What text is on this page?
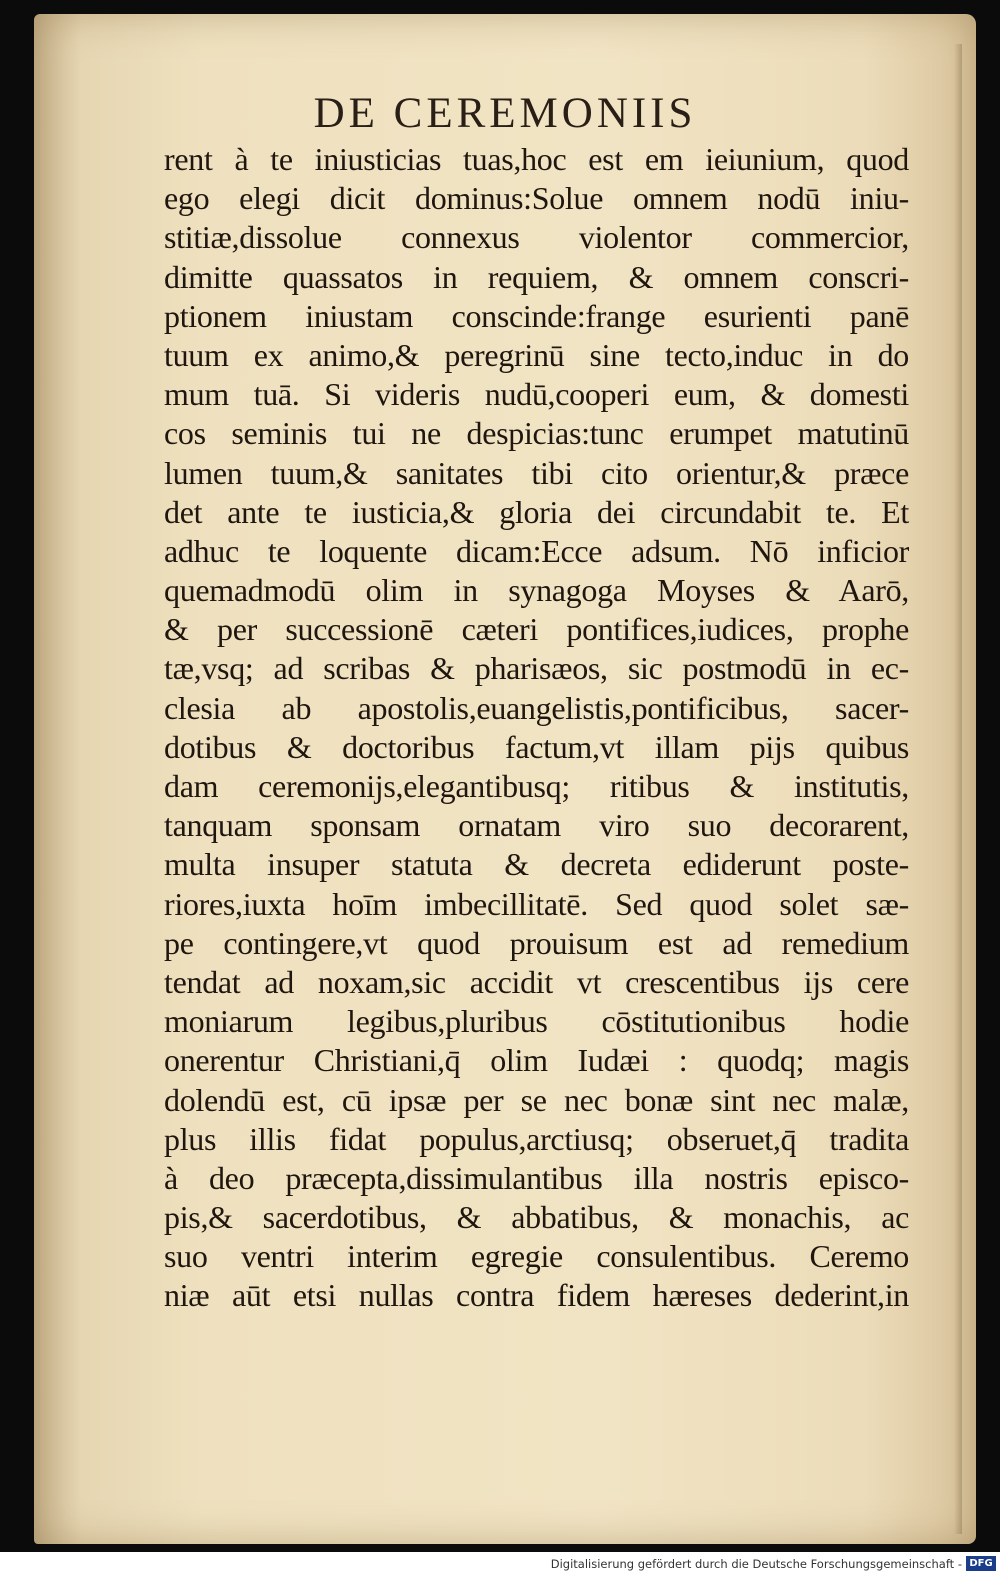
DE CEREMONIIS
rent à te iniusticias tuas,hoc est em ieiunium, quod
ego elegi dicit dominus:Solue omnem nodū iniu-
stitiæ,dissolue connexus violentor commercior,
dimitte quassatos in requiem, & omnem conscri-
ptionem iniustam conscinde:frange esurienti panē
tuum ex animo,& peregrinū sine tecto,induc in do
mum tuā. Si videris nudū,cooperi eum, & domesti
cos seminis tui ne despicias:tunc erumpet matutinū
lumen tuum,& sanitates tibi cito orientur,& præce
det ante te iusticia,& gloria dei circundabit te. Et
adhuc te loquente dicam:Ecce adsum. Nō inficior
quemadmodū olim in synagoga Moyses & Aarō,
& per successionē cæteri pontifices,iudices, prophe
tæ,vsq; ad scribas & pharisæos, sic postmodū in ec-
clesia ab apostolis,euangelistis,pontificibus, sacer-
dotibus & doctoribus factum,vt illam pijs quibus
dam ceremonijs,elegantibusq; ritibus & institutis,
tanquam sponsam ornatam viro suo decorarent,
multa insuper statuta & decreta ediderunt poste-
riores,iuxta hoīm imbecillitatē. Sed quod solet sæ-
pe contingere,vt quod prouisum est ad remedium
tendat ad noxam,sic accidit vt crescentibus ijs cere
moniarum legibus,pluribus cōstitutionibus hodie
onerentur Christiani,q̄ olim Iudæi : quodq; magis
dolendū est, cū ipsæ per se nec bonæ sint nec malæ,
plus illis fidat populus,arctiusq; obseruet,q̄ tradita
à deo præcepta,dissimulantibus illa nostris episco-
pis,& sacerdotibus, & abbatibus, & monachis, ac
suo ventri interim egregie consulentibus. Ceremo
niæ aūt etsi nullas contra fidem hæreses dederint,in
Digitalisierung gefördert durch die Deutsche Forschungsgemeinschaft - DFG
